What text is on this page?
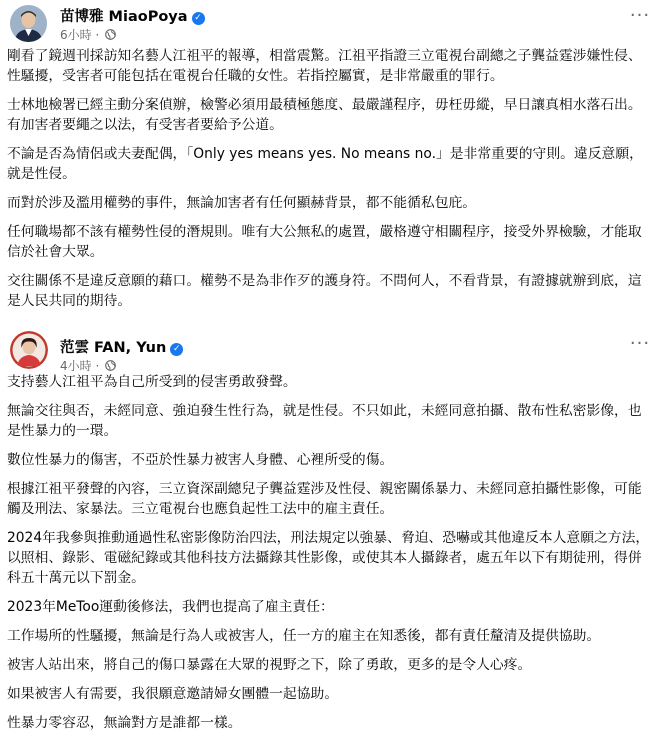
苗博雅 MiaoPoya ✓
6小時 ·
···

剛看了鏡週刊採訪知名藝人江祖平的報導，相當震驚。江祖平指證三立電視台副總之子龔益霆涉嫌性侵、性騷擾，受害者可能包括在電視台任職的女性。若指控屬實，是非常嚴重的罪行。

士林地檢署已經主動分案偵辦，檢警必須用最積極態度、最嚴謹程序，毋枉毋縱，早日讓真相水落石出。有加害者要繩之以法，有受害者要給予公道。

不論是否為情侶或夫妻配偶，「Only yes means yes. No means no.」是非常重要的守則。違反意願，就是性侵。

而對於涉及濫用權勢的事件，無論加害者有任何顯赫背景，都不能循私包庇。

任何職場都不該有權勢性侵的潛規則。唯有大公無私的處置，嚴格遵守相關程序，接受外界檢驗，才能取信於社會大眾。

交往關係不是違反意願的藉口。權勢不是為非作歹的護身符。不問何人，不看背景，有證據就辦到底，這是人民共同的期待。

范雲 FAN, Yun ✓
4小時 ·
···

支持藝人江祖平為自己所受到的侵害勇敢發聲。

無論交往與否，未經同意、強迫發生性行為，就是性侵。不只如此，未經同意拍攝、散布性私密影像，也是性暴力的一環。

數位性暴力的傷害，不亞於性暴力被害人身體、心裡所受的傷。

根據江祖平發聲的內容，三立資深副總兒子龔益霆涉及性侵、親密關係暴力、未經同意拍攝性影像，可能觸及刑法、家暴法。三立電視台也應負起性工法中的雇主責任。

2024年我參與推動通過性私密影像防治四法，刑法規定以強暴、脅迫、恐嚇或其他違反本人意願之方法，以照相、錄影、電磁紀錄或其他科技方法攝錄其性影像，或使其本人攝錄者，處五年以下有期徒刑，得併科五十萬元以下罰金。

2023年MeToo運動後修法，我們也提高了雇主責任：

工作場所的性騷擾，無論是行為人或被害人，任一方的雇主在知悉後，都有責任釐清及提供協助。

被害人站出來，將自己的傷口暴露在大眾的視野之下，除了勇敢，更多的是令人心疼。

如果被害人有需要，我很願意邀請婦女團體一起協助。

性暴力零容忍，無論對方是誰都一樣。
